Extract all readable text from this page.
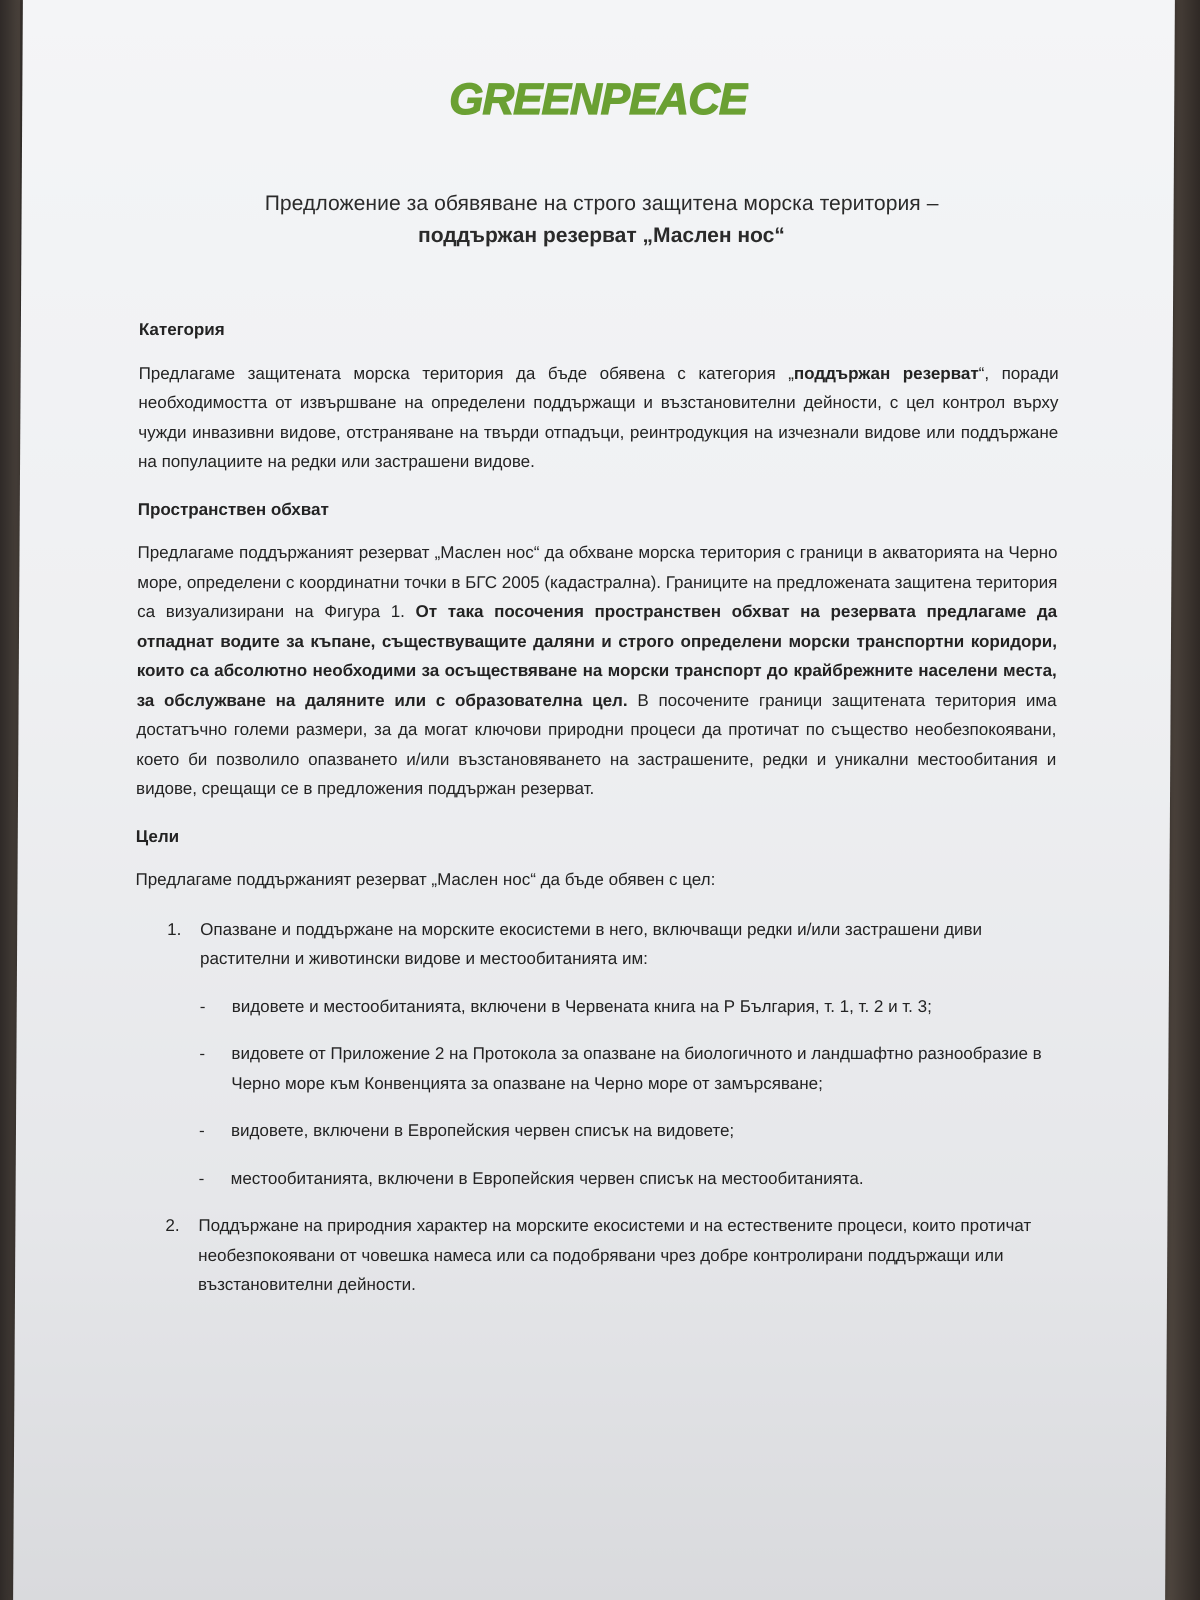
GREENPEACE
Предложение за обявяване на строго защитена морска територия –
поддържан резерват „Маслен нос“
Категория
Предлагаме защитената морска територия да бъде обявена с категория „поддържан резерват“, поради необходимостта от извършване на определени поддържащи и възстановителни дейности, с цел контрол върху чужди инвазивни видове, отстраняване на твърди отпадъци, реинтродукция на изчезнали видове или поддържане на популациите на редки или застрашени видове.
Пространствен обхват
Предлагаме поддържаният резерват „Маслен нос“ да обхване морска територия с граници в акваторията на Черно море, определени с координатни точки в БГС 2005 (кадастрална). Границите на предложената защитена територия са визуализирани на Фигура 1. От така посочения пространствен обхват на резервата предлагаме да отпаднат водите за къпане, съществуващите даляни и строго определени морски транспортни коридори, които са абсолютно необходими за осъществяване на морски транспорт до крайбрежните населени места, за обслужване на даляните или с образователна цел. В посочените граници защитената територия има достатъчно големи размери, за да могат ключови природни процеси да протичат по същество необезпокоявани, което би позволило опазването и/или възстановяването на застрашените, редки и уникални местообитания и видове, срещащи се в предложения поддържан резерват.
Цели
Предлагаме поддържаният резерват „Маслен нос“ да бъде обявен с цел:
1. Опазване и поддържане на морските екосистеми в него, включващи редки и/или застрашени диви растителни и животински видове и местообитанията им:
- видовете и местообитанията, включени в Червената книга на Р България, т. 1, т. 2 и т. 3;
- видовете от Приложение 2 на Протокола за опазване на биологичното и ландшафтно разнообразие в Черно море към Конвенцията за опазване на Черно море от замърсяване;
- видовете, включени в Европейския червен списък на видовете;
- местообитанията, включени в Европейския червен списък на местообитанията.
2. Поддържане на природния характер на морските екосистеми и на естествените процеси, които протичат необезпокоявани от човешка намеса или са подобрявани чрез добре контролирани поддържащи или възстановителни дейности.
